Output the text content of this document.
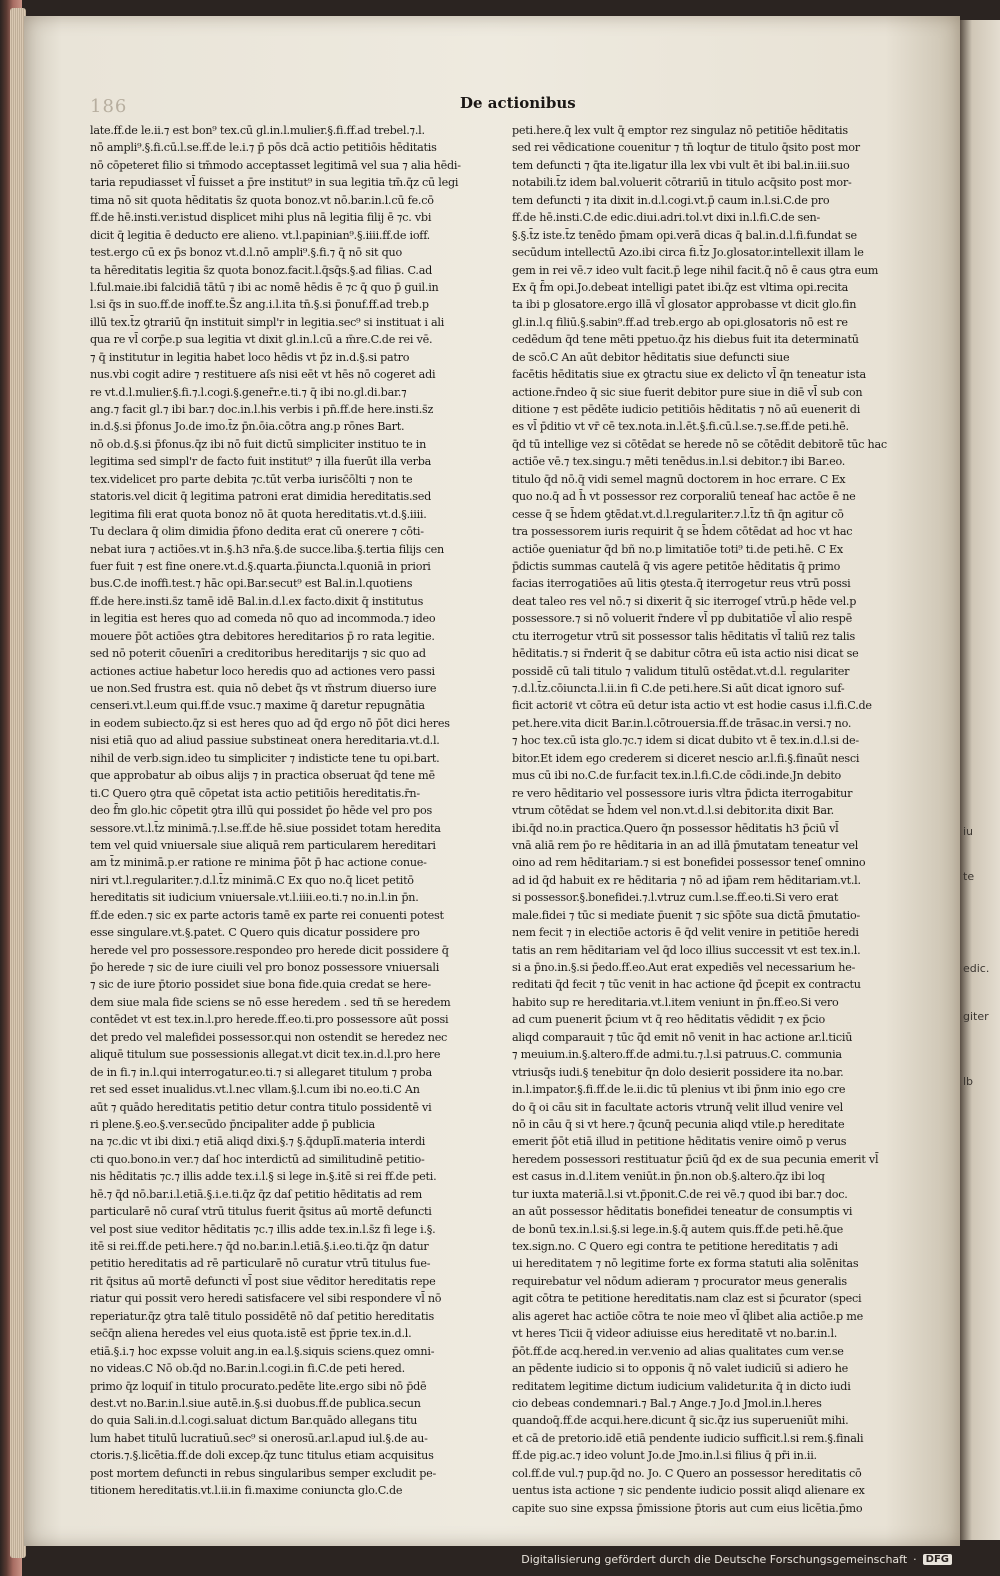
iu
te
edic.
giter
lb
186	De actionibus
late.ff.de le.ii.⁊ est bon⁹ tex.cū gl.in.l.mulier.§.fi.ff.ad trebel.⁊.l.
nō ampli⁹.§.fi.cū.l.se.ff.de le.i.⁊ p̄ pōs dcā actio petitiōis hēditatis
nō cōpeteret filio si tm̄modo acceptasset legitimā vel sua ⁊ alia hēdi-
taria repudiasset vl̄ fuisset a p̄re institut⁹ in sua legitia tm̄.q̄z cū legi
tima nō sit quota hēditatis s̄z quota bonoz.vt nō.bar.in.l.cū fe.cō
ff.de hē.insti.ver.istud displicet mihi plus nā legitia filij ē ⁊c. vbi
dicit q̄ legitia ē deducto ere alieno. vt.l.papinian⁹.§.iiii.ff.de ioff.
test.ergo cū ex p̄s bonoz vt.d.l.nō ampli⁹.§.fi.⁊ q̄ nō sit quo
ta hēreditatis legitia s̄z quota bonoz.facit.l.q̄sq̄s.§.ad filias. C.ad
l.ful.maie.ibi falcidiā tātū ⁊ ibi ac nomē hēdis ē ⁊c q̄ quo p̄ guil.in
l.si q̄s in suo.ff.de inoff.te.S̄z ang.i.l.ita tn̄.§.si p̄onuf.ff.ad treb.p
illū tex.t̄z ꝯtrariū q̄n instituit simpl'r in legitia.sec⁹ si instituat i ali
qua re vl̄ corp̄e.p sua legitia vt dixit gl.in.l.cū a m̄re.C.de rei vē.
⁊ q̄ institutur in legitia habet loco hēdis vt p̄z in.d.§.si patro
nus.vbi cogit adire ⁊ restituere aſs nisi eēt vt hēs nō cogeret adi
re vt.d.l.mulier.§.fi.⁊.l.cogi.§.gener̄r.e.ti.⁊ q̄ ibi no.gl.di.bar.⁊
ang.⁊ facit gl.⁊ ibi bar.⁊ doc.in.l.his verbis i pn̄.ff.de here.insti.s̄z
in.d.§.si p̄fonus Jo.de imo.t̄z p̄n.ōia.cōtra ang.p rōnes Bart.
nō ob.d.§.si p̄fonus.q̄z ibi nō fuit dictū simpliciter instituo te in
legitima sed simpl'r de facto fuit institut⁹ ⁊ illa fuerūt illa verba
tex.videlicet pro parte debita ⁊c.tūt verba iurisc̄ōlti ⁊ non te
statoris.vel dicit q̄ legitima patroni erat dimidia hereditatis.sed
legitima fili erat quota bonoz nō āt quota hereditatis.vt.d.§.iiii.
Tu declara q̄ olim dimidia p̄fono dedita erat cū onerere ⁊ cōti-
nebat iura ⁊ actiōes.vt in.§.h3 nr̄a.§.de succe.liba.§.tertia filijs cen
fuer fuit ⁊ est fine onere.vt.d.§.quarta.p̄iuncta.l.quoniā in priori
bus.C.de inoffi.test.⁊ hāc opi.Bar.secut⁹ est Bal.in.l.quotiens
ff.de here.insti.s̄z tamē idē Bal.in.d.l.ex facto.dixit q̄ institutus
in legitia est heres quo ad comeda nō quo ad incommoda.⁊ ideo
mouere p̄ōt actiōes ꝯtra debitores hereditarios p̄ ro rata legitie.
sed nō poterit cōuenīri a creditoribus hereditarijs ⁊ sic quo ad
actiones actiue habetur loco heredis quo ad actiones vero passi
ue non.Sed frustra est. quia nō debet q̄s vt m̄strum diuerso iure
censeri.vt.l.eum qui.ff.de vsuc.⁊ maxime q̄ daretur repugnātia
in eodem subiecto.q̄z si est heres quo ad q̄d ergo nō p̄ōt dici heres
nisi etiā quo ad aliud passiue substineat onera hereditaria.vt.d.l.
nihil de verb.sign.ideo tu simpliciter ⁊ indisticte tene tu opi.bart.
que approbatur ab oibus alijs ⁊ in practica obseruat q̄d tene mē
ti.C Quero ꝯtra quē cōpetat ista actio petitiōis hereditatis.r̄n-
deo f̄m glo.hic cōpetit ꝯtra illū qui possidet p̄o hēde vel pro pos
sessore.vt.l.t̄z minimā.⁊.l.se.ff.de hē.siue possidet totam heredita
tem vel quid vniuersale siue aliquā rem particularem hereditari
am t̄z minimā.p.er ratione re minima p̄ōt p̄ hac actione conue-
niri vt.l.regulariter.⁊.d.l.t̄z minimā.C Ex quo no.q̄ licet petitō
hereditatis sit iudicium vniuersale.vt.l.iiii.eo.ti.⁊ no.in.l.in p̄n.
ff.de eden.⁊ sic ex parte actoris tamē ex parte rei conuenti potest
esse singulare.vt.§.patet. C Quero quis dicatur possidere pro
herede vel pro possessore.respondeo pro herede dicit possidere q̄
p̄o herede ⁊ sic de iure ciuili vel pro bonoz possessore vniuersali
⁊ sic de iure p̄torio possidet siue bona fide.quia credat se here-
dem siue mala fide sciens se nō esse heredem . sed tn̄ se heredem
contēdet vt est tex.in.l.pro herede.ff.eo.ti.pro possessore aūt possi
det predo vel malefidei possessor.qui non ostendit se heredez nec
aliquē titulum sue possessionis allegat.vt dicit tex.in.d.l.pro here
de in fi.⁊ in.l.qui interrogatur.eo.ti.⁊ si allegaret titulum ⁊ proba
ret sed esset inualidus.vt.l.nec vllam.§.l.cum ibi no.eo.ti.C An
aūt ⁊ quādo hereditatis petitio detur contra titulo possidentē vi
ri plene.§.eo.§.ver.secūdo p̄ncipaliter adde p̄ publicia
na ⁊c.dic vt ibi dixi.⁊ etiā aliqd dixi.§.⁊ §.q̄duplī.materia interdi
cti quo.bono.in ver.⁊ daſ hoc interdictū ad similitudinē petitio-
nis hēditatis ⁊c.⁊ illis adde tex.i.l.§ si lege in.§.itē si rei ff.de peti.
hē.⁊ q̄d nō.bar.i.l.etiā.§.i.e.ti.q̄z q̄z daſ petitio hēditatis ad rem
particularē nō curaſ vtrū titulus fuerit q̄situs aū mortē defuncti
vel post siue veditor hēditatis ⁊c.⁊ illis adde tex.in.l.s̄z fi lege i.§.
itē si rei.ff.de peti.here.⁊ q̄d no.bar.in.l.etiā.§.i.eo.ti.q̄z q̄n datur
petitio hereditatis ad rē particularē nō curatur vtrū titulus fue-
rit q̄situs aū mortē defuncti vl̄ post siue vēditor hereditatis repe
riatur qui possit vero heredi satisfacere vel sibi respondere vl̄ nō
reperiatur.q̄z ꝯtra talē titulo possidētē nō daſ petitio hereditatis
sec̄q̄n aliena heredes vel eius quota.istē est p̄prie tex.in.d.l.
etiā.§.i.⁊ hoc expsse voluit ang.in ea.l.§.siquis sciens.quez omni-
no videas.C Nō ob.q̄d no.Bar.in.l.cogi.in fi.C.de peti hered.
primo q̄z loquiſ in titulo procurato.pedēte lite.ergo sibi nō p̄dē
dest.vt no.Bar.in.l.siue autē.in.§.si duobus.ff.de publica.secun
do quia Sali.in.d.l.cogi.saluat dictum Bar.quādo allegans titu
lum habet titulū lucratiuū.sec⁹ si onerosū.ar.l.apud iul.§.de au-
ctoris.⁊.§.licētia.ff.de doli excep.q̄z tunc titulus etiam acquisitus
post mortem defuncti in rebus singularibus semper excludit pe-
titionem hereditatis.vt.l.ii.in fi.maxime coniuncta glo.C.de
peti.here.q̄ lex vult q̄ emptor rez singulaz nō petitiōe hēditatis
sed rei vēdicatione couenitur ⁊ tn̄ loqtur de titulo q̄sito post mor
tem defuncti ⁊ q̄ta ite.ligatur illa lex vbi vult ēt ibi bal.in.iii.suo
notabili.t̄z idem bal.voluerit cōtrariū in titulo acq̄sito post mor-
tem defuncti ⁊ ita dixit in.d.l.cogi.vt.p̄ caum in.l.si.C.de pro
ff.de hē.insti.C.de edic.diui.adri.tol.vt dixi in.l.fi.C.de sen-
§.§.t̄z iste.t̄z tenēdo p̄mam opi.verā dicas q̄ bal.in.d.l.fi.fundat se
secūdum intellectū Azo.ibi circa fi.t̄z Jo.glosator.intellexit illam le
gem in rei vē.⁊ ideo vult facit.p̄ lege nihil facit.q̄ nō ē caus ꝯtra eum
Ex q̄ f̄m opi.Jo.debeat intelligi patet ibi.q̄z est vltima opi.recita
ta ibi p glosatore.ergo illā vl̄ glosator approbasse vt dicit glo.fin
gl.in.l.q filiū.§.sabin⁹.ff.ad treb.ergo ab opi.glosatoris nō est re
cedēdum q̄d tene mēti ppetuo.q̄z his diebus fuit ita determinatū
de scō.C An aūt debitor hēditatis siue defuncti siue
facētis hēditatis siue ex ꝯtractu siue ex delicto vl̄ q̄n teneatur ista
actione.r̄ndeo q̄ sic siue fuerit debitor pure siue in diē vl̄ sub con
ditione ⁊ est pēdēte iudicio petitiōis hēditatis ⁊ nō aū euenerit di
es vl̄ p̄ditio vt vr̄ cē tex.nota.in.l.ēt.§.fi.cū.l.se.⁊.se.ff.de peti.hē.
q̄d tū intellige vez si cōtēdat se herede nō se cōtēdit debitorē tūc hac
actiōe vē.⁊ tex.singu.⁊ mēti tenēdus.in.l.si debitor.⁊ ibi Bar.eo.
titulo q̄d nō.q̄ vidi semel magnū doctorem in hoc errare. C Ex
quo no.q̄ ad h̄ vt possessor rez corporaliū teneaſ hac actōe ē ne
cesse q̄ se h̄dem ꝯtēdat.vt.d.l.regulariter.⁊.l.t̄z tn̄ q̄n agitur cō
tra possessorem iuris requirit q̄ se h̄dem cōtēdat ad hoc vt hac
actiōe ꝯueniatur q̄d bñ no.p limitatiōe toti⁹ ti.de peti.hē. C Ex
p̄dictis summas cautelā q̄ vis agere petitōe hēditatis q̄ primo
facias iterrogatiōes aū litis ꝯtesta.q̄ iterrogetur reus vtrū possi
deat taleo res vel nō.⁊ si dixerit q̄ sic iterrogeſ vtrū.p hēde vel.p
possessore.⁊ si nō voluerit r̄ndere vl̄ pp dubitatiōe vl̄ alio respē
ctu iterrogetur vtrū sit possessor talis hēditatis vl̄ taliū rez talis
hēditatis.⁊ si r̄nderit q̄ se dabitur cōtra eū ista actio nisi dicat se
possidē cū tali titulo ⁊ validum titulū ostēdat.vt.d.l. regulariter
⁊.d.l.t̄z.cōiuncta.l.ii.in fi C.de peti.here.Si aūt dicat ignoro suf-
ficit actoriℓ vt cōtra eū detur ista actio vt est hodie casus i.l.fi.C.de
pet.here.vita dicit Bar.in.l.cōtrouersia.ff.de trāsac.in versi.⁊ no.
⁊ hoc tex.cū ista glo.⁊c.⁊ idem si dicat dubito vt ē tex.in.d.l.si de-
bitor.Et idem ego crederem si diceret nescio ar.l.fi.§.finaūt nesci
mus cū ibi no.C.de fur.facit tex.in.l.fi.C.de cōdi.inde.Jn debito
re vero hēditario vel possessore iuris vltra p̄dicta iterrogabitur
vtrum cōtēdat se h̄dem vel non.vt.d.l.si debitor.ita dixit Bar.
ibi.q̄d no.in practica.Quero q̄n possessor hēditatis h3 p̄ciū vl̄
vnā aliā rem p̄o re hēditaria in an ad illā p̄mutatam teneatur vel
oino ad rem hēditariam.⁊ si est bonefidei possessor teneſ omnino
ad id q̄d habuit ex re hēditaria ⁊ nō ad ip̄am rem hēditariam.vt.l.
si possessor.§.bonefidei.⁊.l.vtruz cum.l.se.ff.eo.ti.Si vero erat
male.fidei ⁊ tūc si mediate p̄uenit ⁊ sic sp̄ōte sua dictā p̄mutatio-
nem fecit ⁊ in electiōe actoris ē q̄d velit venire in petitiōe heredi
tatis an rem hēditariam vel q̄d loco illius successit vt est tex.in.l.
si a p̄no.in.§.si p̄edo.ff.eo.Aut erat expediēs vel necessarium he-
reditati q̄d fecit ⁊ tūc venit in hac actione q̄d p̄cepit ex contractu
habito sup re hereditaria.vt.l.item veniunt in p̄n.ff.eo.Si vero
ad cum puenerit p̄cium vt q̄ reo hēditatis vēdidit ⁊ ex p̄cio
aliqd comparauit ⁊ tūc q̄d emit nō venit in hac actione ar.l.ticiū
⁊ meuium.in.§.altero.ff.de admi.tu.⁊.l.si patruus.C. communia
vtriusq̄s iudi.§ tenebitur q̄n dolo desierit possidere ita no.bar.
in.l.impator.§.fi.ff.de le.ii.dic tū plenius vt ibi p̄nm inio ego cre
do q̄ oi cāu sit in facultate actoris vtrunq̄ velit illud venire vel
nō in cāu q̄ si vt here.⁊ q̄cunq̄ pecunia aliqd vtile.p hereditate
emerit p̄ōt etiā illud in petitione hēditatis venire oimō p verus
heredem possessori restituatur p̄ciū q̄d ex de sua pecunia emerit vl̄
est casus in.d.l.item veniūt.in p̄n.non ob.§.altero.q̄z ibi loq
tur iuxta materiā.l.si vt.p̄ponit.C.de rei vē.⁊ quod ibi bar.⁊ doc.
an aūt possessor hēditatis bonefidei teneatur de consumptis vi
de bonū tex.in.l.si.§.si lege.in.§.q̄ autem quis.ff.de peti.hē.q̄ue
tex.sign.no. C Quero egi contra te petitione hereditatis ⁊ adi
ui hereditatem ⁊ nō legitime forte ex forma statuti alia solēnitas
requirebatur vel nōdum adieram ⁊ procurator meus generalis
agit cōtra te petitione hereditatis.nam claz est si p̄curator (speci
alis ageret hac actiōe cōtra te noie meo vl̄ q̄libet alia actiōe.p me
vt heres Ticii q̄ videor adiuisse eius hereditatē vt no.bar.in.l.
p̄ōt.ff.de acq.hered.in ver.venio ad alias qualitates cum ver.se
an pēdente iudicio si to opponis q̄ nō valet iudiciū si adiero he
reditatem legitime dictum iudicium validetur.ita q̄ in dicto iudi
cio debeas condemnari.⁊ Bal.⁊ Ange.⁊ Jo.d Jmol.in.l.heres
quandoq̄.ff.de acqui.here.dicunt q̄ sic.q̄z ius superueniūt mihi.
et cā de pretorio.idē etiā pendente iudicio sufficit.l.si rem.§.finali
ff.de pig.ac.⁊ ideo volunt Jo.de Jmo.in.l.si filius q̄ pr̄i in.ii.
col.ff.de vul.⁊ pup.q̄d no. Jo. C Quero an possessor hereditatis cō
uentus ista actione ⁊ sic pendente iudicio possit aliqd alienare ex
capite suo sine expssa p̄missione p̄toris aut cum eius licētia.p̄mo
Digitalisierung gefördert durch die Deutsche Forschungsgemeinschaft · DFG
